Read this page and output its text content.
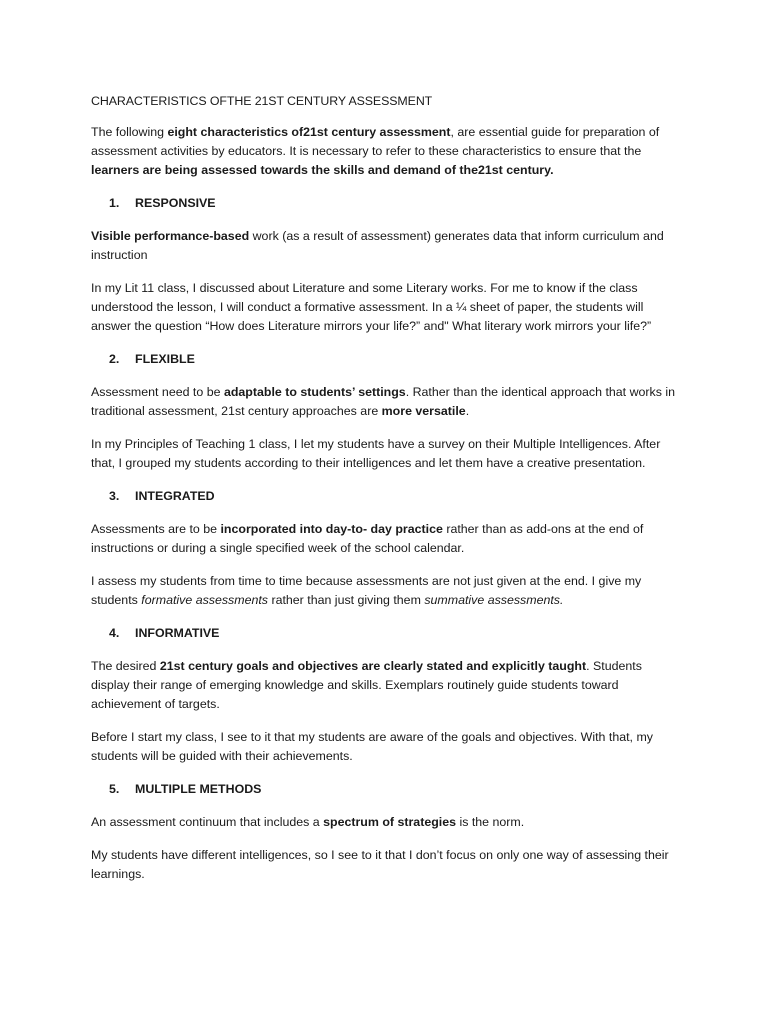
CHARACTERISTICS OFTHE 21ST CENTURY ASSESSMENT

The following eight characteristics of21st century assessment, are essential guide for preparation of assessment activities by educators. It is necessary to refer to these characteristics to ensure that the learners are being assessed towards the skills and demand of the21st century.

1. RESPONSIVE

Visible performance-based work (as a result of assessment) generates data that inform curriculum and instruction

In my Lit 11 class, I discussed about Literature and some Literary works. For me to know if the class understood the lesson, I will conduct a formative assessment. In a ¼ sheet of paper, the students will answer the question “How does Literature mirrors your life?” and" What literary work mirrors your life?”

2. FLEXIBLE

Assessment need to be adaptable to students’ settings. Rather than the identical approach that works in traditional assessment, 21st century approaches are more versatile.

In my Principles of Teaching 1 class, I let my students have a survey on their Multiple Intelligences. After that, I grouped my students according to their intelligences and let them have a creative presentation.

3. INTEGRATED

Assessments are to be incorporated into day-to- day practice rather than as add-ons at the end of instructions or during a single specified week of the school calendar.

I assess my students from time to time because assessments are not just given at the end. I give my students formative assessments rather than just giving them summative assessments.

4. INFORMATIVE

The desired 21st century goals and objectives are clearly stated and explicitly taught. Students display their range of emerging knowledge and skills. Exemplars routinely guide students toward achievement of targets.

Before I start my class, I see to it that my students are aware of the goals and objectives. With that, my students will be guided with their achievements.

5. MULTIPLE METHODS

An assessment continuum that includes a spectrum of strategies is the norm.

My students have different intelligences, so I see to it that I don’t focus on only one way of assessing their learnings.
